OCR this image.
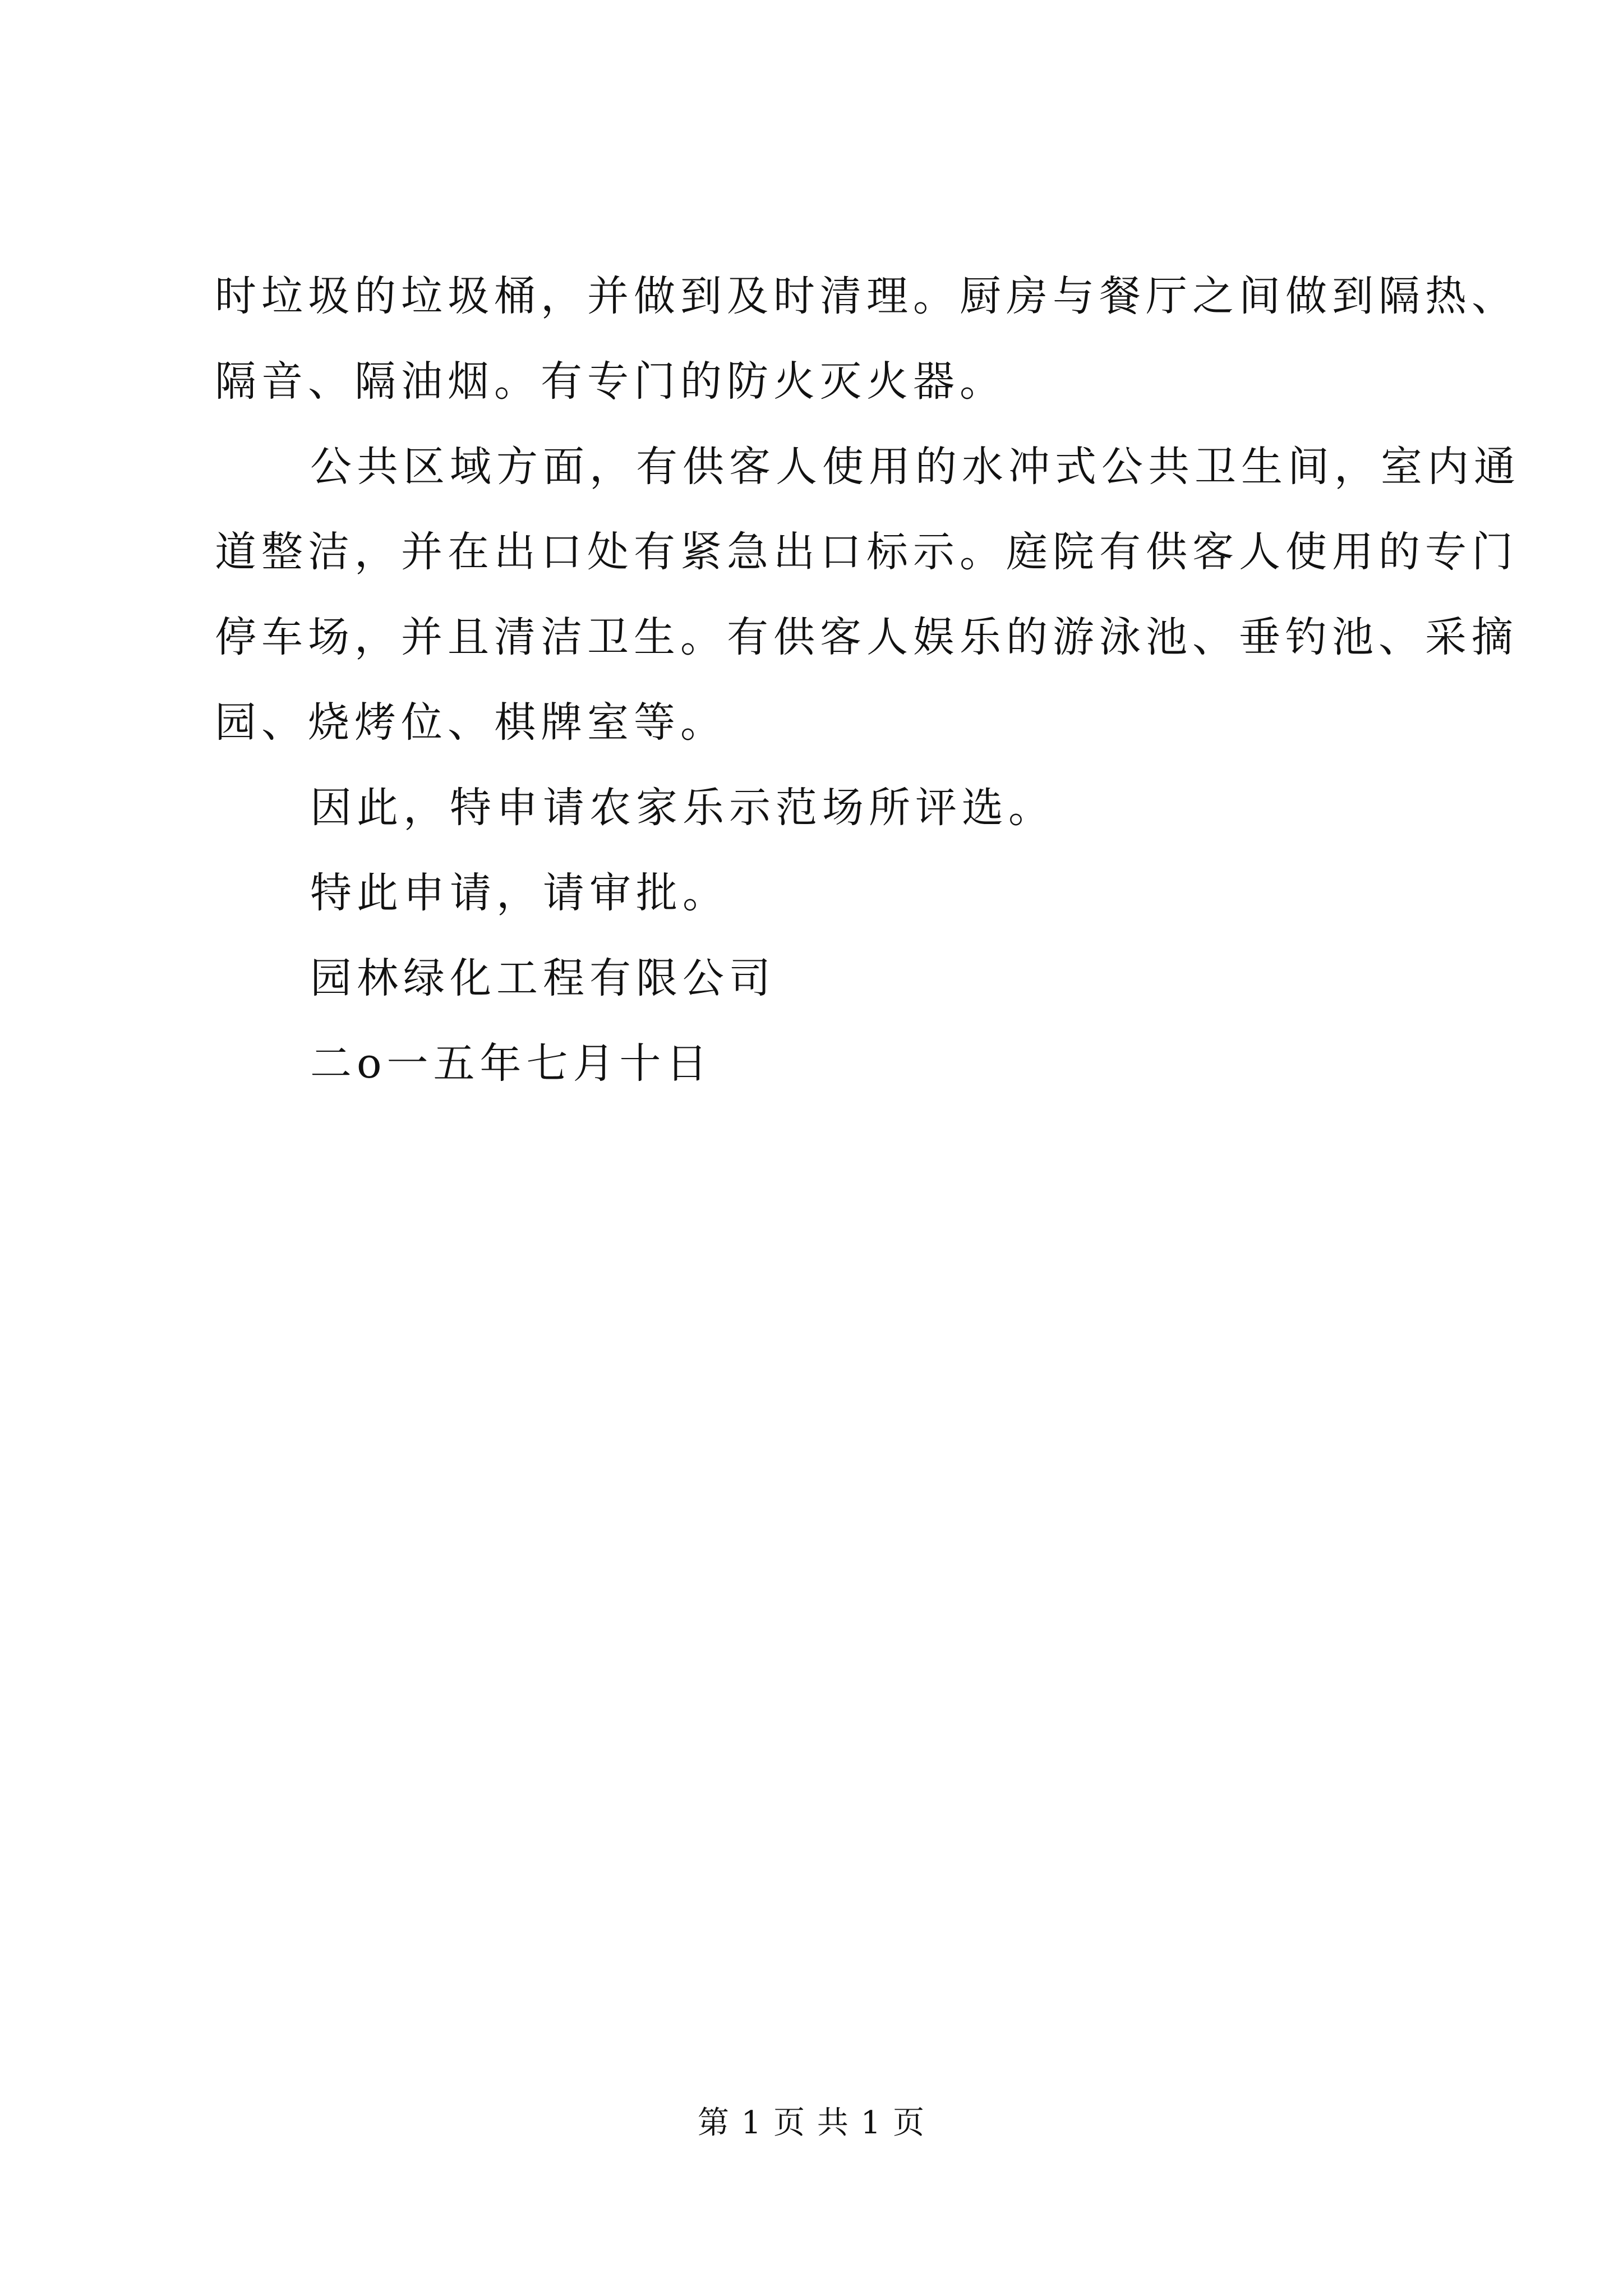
时垃圾的垃圾桶，并做到及时清理。厨房与餐厅之间做到隔热、

隔音、隔油烟。有专门的防火灭火器。

公共区域方面，有供客人使用的水冲式公共卫生间，室内通

道整洁，并在出口处有紧急出口标示。庭院有供客人使用的专门

停车场，并且清洁卫生。有供客人娱乐的游泳池、垂钓池、采摘

园、烧烤位、棋牌室等。

因此，特申请农家乐示范场所评选。

特此申请，请审批。

园林绿化工程有限公司

二o一五年七月十日

第 1 页 共 1 页
